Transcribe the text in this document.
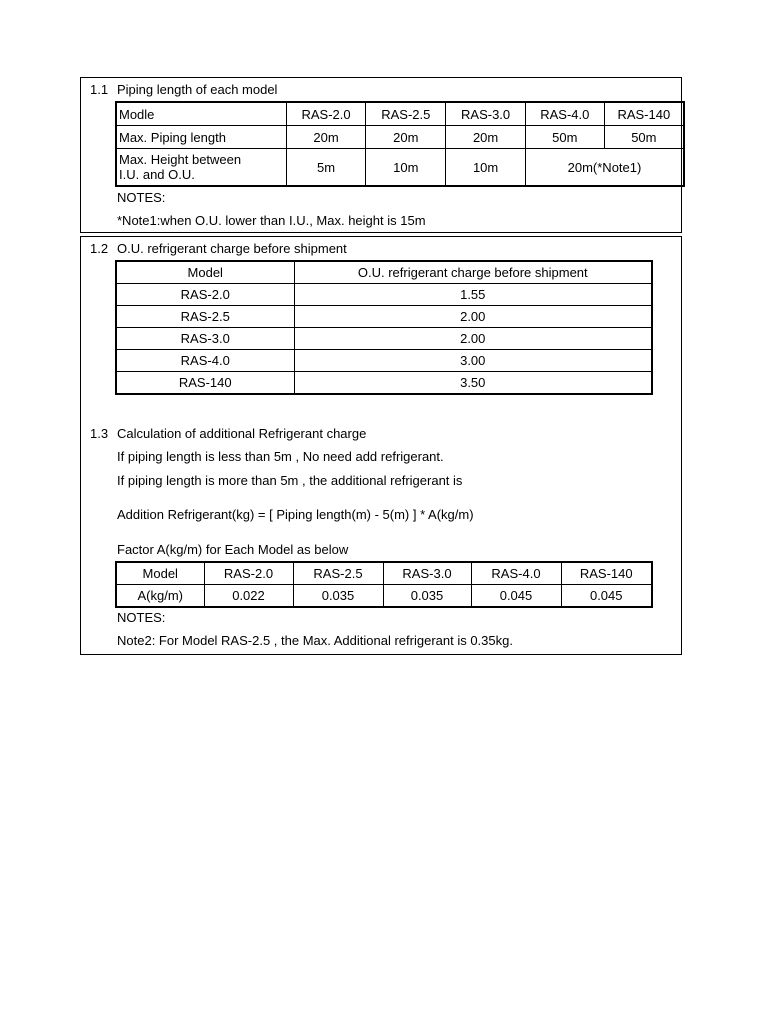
1.1 Piping length of each model
Modle	RAS-2.0	RAS-2.5	RAS-3.0	RAS-4.0	RAS-140
Max. Piping length	20m	20m	20m	50m	50m

Max. Height between
I.U. and O.U.	5m	10m	10m	20m(*Note1)	
NOTES:
*Note1:when O.U. lower than I.U., Max. height is 15m
1.2 O.U. refrigerant charge before shipment
Model	O.U. refrigerant charge before shipment
RAS-2.0	1.55
RAS-2.5	2.00
RAS-3.0	2.00
RAS-4.0	3.00
RAS-140	3.50
1.3 Calculation of additional Refrigerant charge
If piping length is less than 5m , No need add refrigerant.
If piping length is more than 5m , the additional refrigerant is
Addition Refrigerant(kg) = [ Piping length(m) - 5(m) ] * A(kg/m)
Factor A(kg/m) for Each Model as below
Model	RAS-2.0	RAS-2.5	RAS-3.0	RAS-4.0	RAS-140
A(kg/m)	0.022	0.035	0.035	0.045	0.045
NOTES:
Note2: For Model RAS-2.5 , the Max. Additional refrigerant is 0.35kg.
